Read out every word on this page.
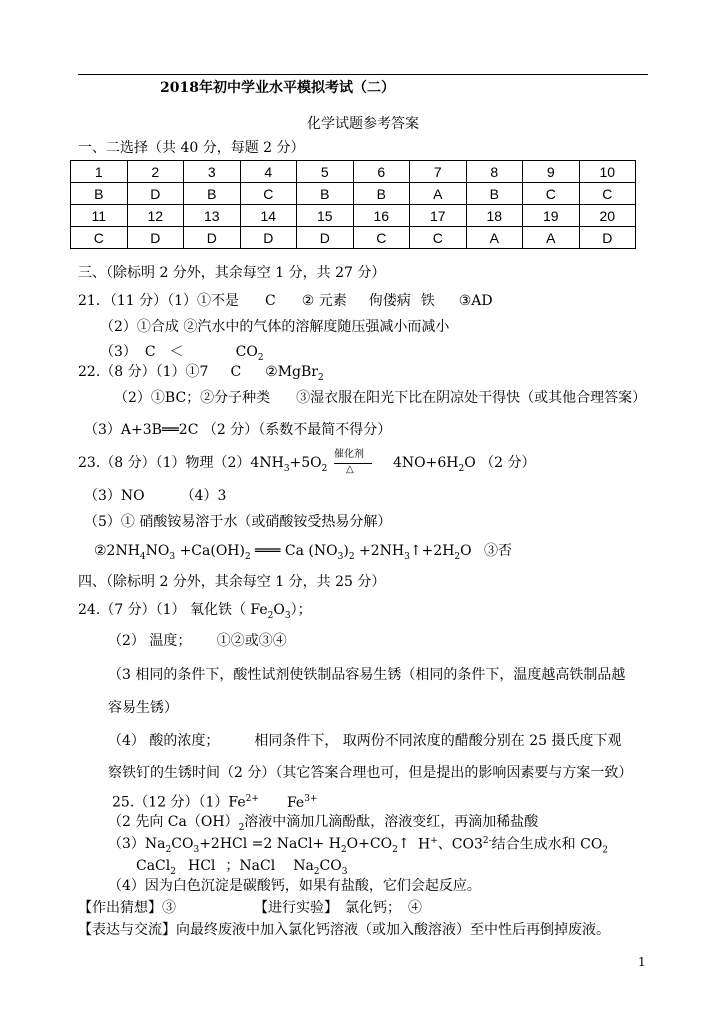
2018年初中学业水平模拟考试（二）
化学试题参考答案
一、二选择（共 40 分，每题 2 分）
1	2	3	4	5	6	7	8	9	10
B	D	B	C	B	B	A	B	C	C
11	12	13	14	15	16	17	18	19	20
C	D	D	D	D	C	C	A	A	D
三、（除标明 2 分外，其余每空 1 分，共 27 分）
21．（11 分）（1）①不是 C ② 元素 佝偻病 铁 ③AD
（2）①合成 ②汽水中的气体的溶解度随压强减小而减小
（3） C ＜	$CO_2$
22.（8 分）（1）①7 C ②MgBr$_2$
（2）①BC；②分子种类 ③湿衣服在阳光下比在阴凉处干得快（或其他合理答案）
（3）A+3B══2C （2 分）（系数不最简不得分）
23.（8 分）（1）物理$(2)4NH_3+5O_2$
催化剂
△	$4NO+6H_2O$ （2 分）
（3）NO	（4）3
（5）① 硝酸铵易溶于水（或硝酸铵受热易分解）
$②2NH_4NO_3 +Ca(OH)_2$ ═══ Ca $(NO_3)_2$ $+2NH_3↑+2H_2O$ ③否
四、（除标明 2 分外，其余每空 1 分，共 25 分）
24.（7 分）（1） 氧化铁（ $Fe_2O_3$）；
（2） 温度；　　 ①②或③④
（3 相同的条件下，酸性试剂使铁制品容易生锈（相同的条件下，温度越高铁制品越
容易生锈）
（4） 酸的浓度；　　　相同条件下， 取两份不同浓度的醋酸分别在 25 摄氏度下观
察铁钉的生锈时间（2 分）（其它答案合理也可，但是提出的影响因素要与方案一致）
25.（12 分）$(1)Fe^{2+}$ $Fe^{3+}$
（2 先向 $Ca(OH)_2$溶液中滴加几滴酚酞，溶液变红，再滴加稀盐酸
$(3)Na_2CO_3+2HCl =2$ NaCl+ $H_2O+CO_2↑$ H+、$CO3^{2-}$结合生成水和 $CO_2$
CaCl$_2$ HCl ；NaCl $Na_2CO_3$
（4）因为白色沉淀是碳酸钙，如果有盐酸，它们会起反应。
【作出猜想】③	【进行实验】　氯化钙；　④
【表达与交流】向最终废液中加入氯化钙溶液（或加入酸溶液）至中性后再倒掉废液。
1
